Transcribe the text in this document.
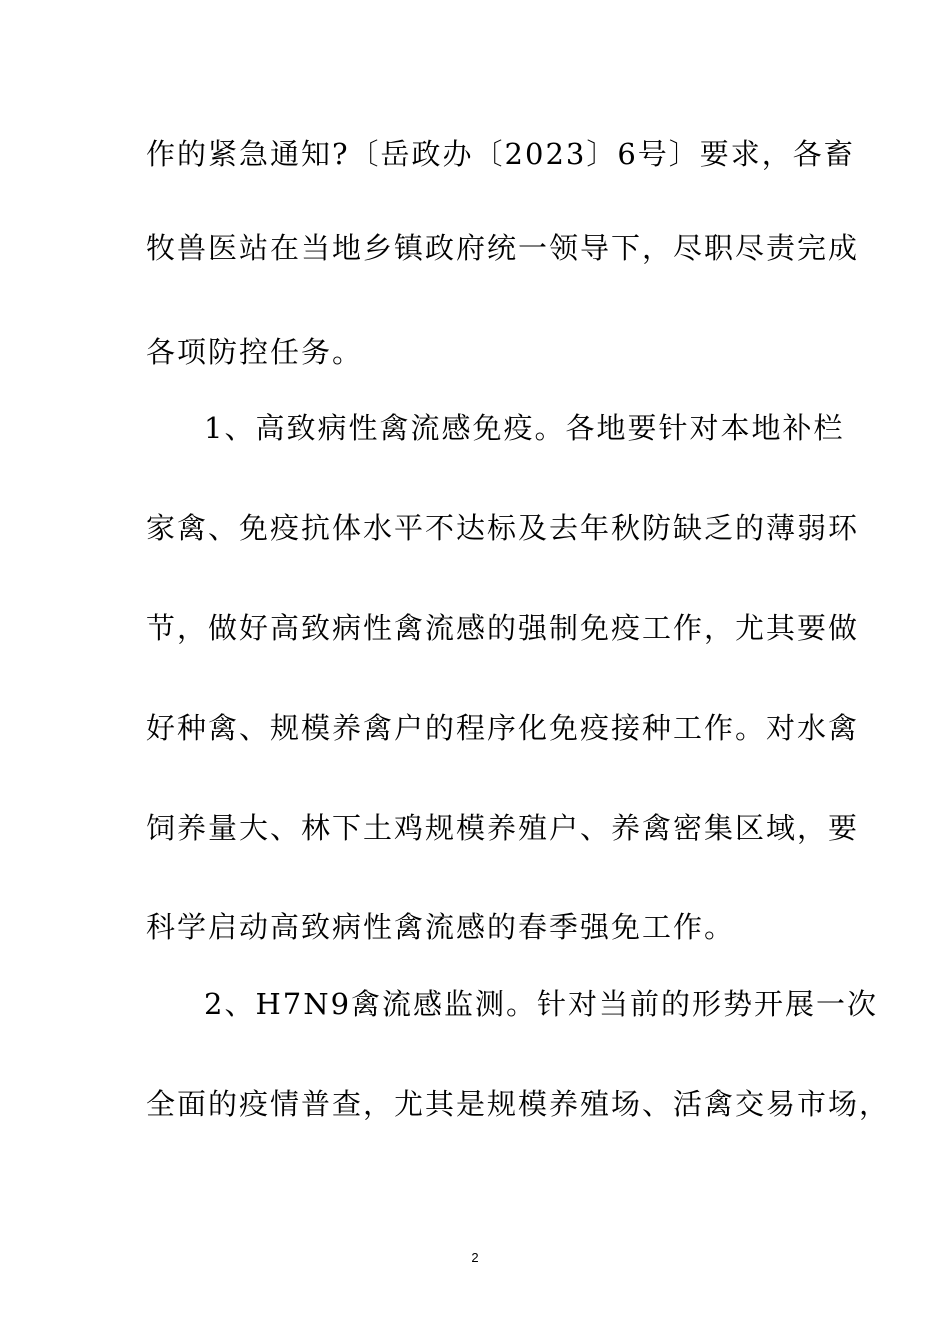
作的紧急通知?〔岳政办〔2023〕6号〕要求，各畜
牧兽医站在当地乡镇政府统一领导下，尽职尽责完成
各项防控任务。
1、高致病性禽流感免疫。各地要针对本地补栏
家禽、免疫抗体水平不达标及去年秋防缺乏的薄弱环
节，做好高致病性禽流感的强制免疫工作，尤其要做
好种禽、规模养禽户的程序化免疫接种工作。对水禽
饲养量大、林下土鸡规模养殖户、养禽密集区域，要
科学启动高致病性禽流感的春季强免工作。
2、H7N9禽流感监测。针对当前的形势开展一次
全面的疫情普查，尤其是规模养殖场、活禽交易市场，
2
